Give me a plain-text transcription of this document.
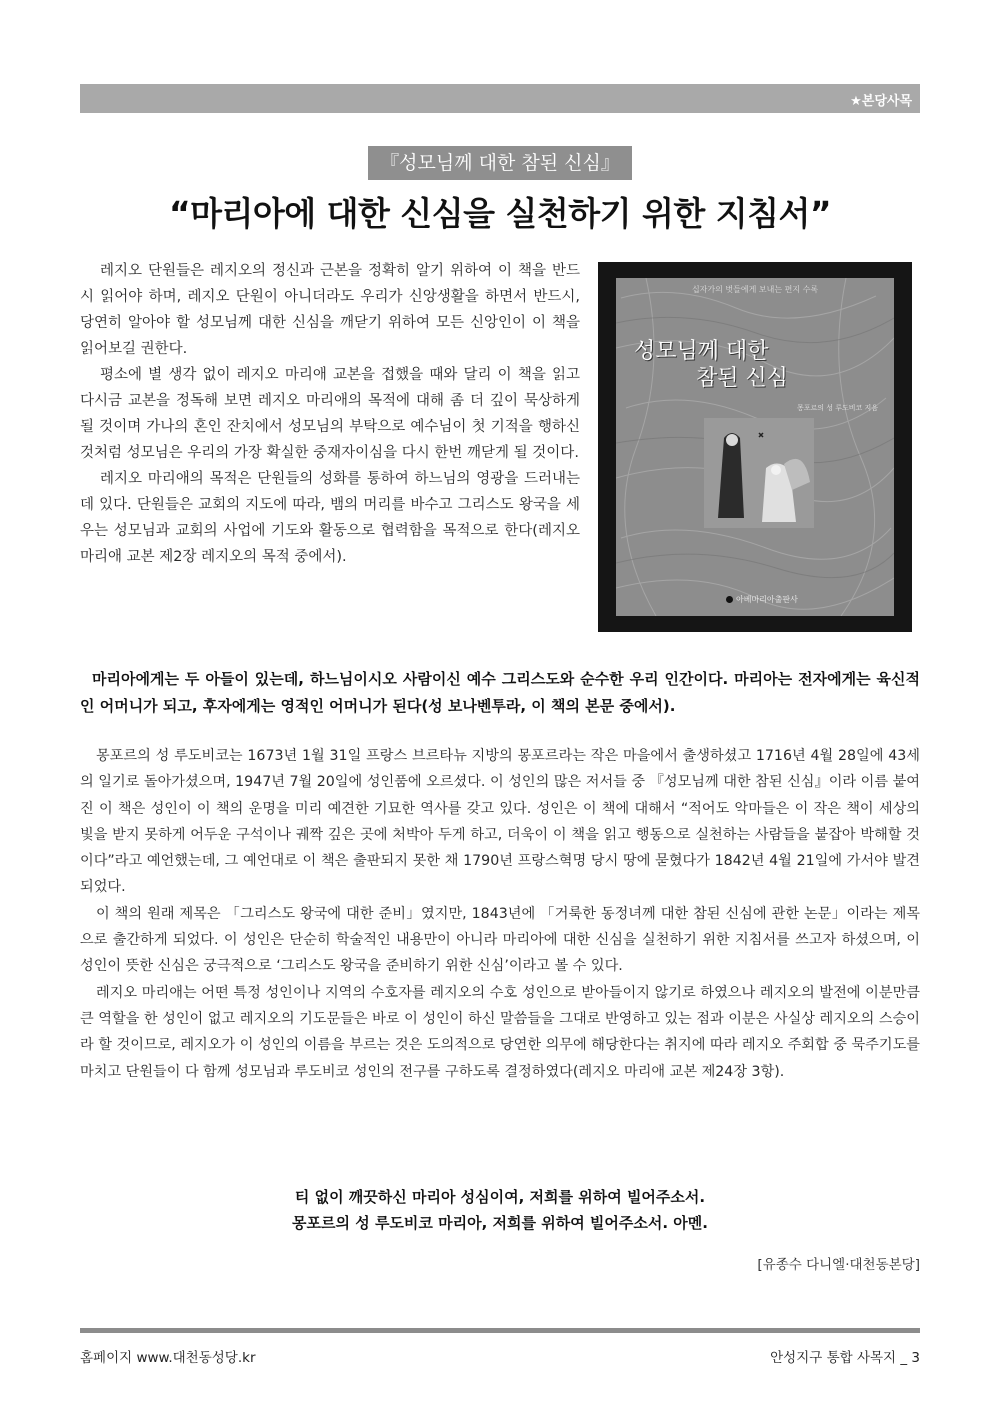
★본당사목
『성모님께 대한 참된 신심』
“마리아에 대한 신심을 실천하기 위한 지침서”

레지오 단원들은 레지오의 정신과 근본을 정확히 알기 위하여 이 책을 반드시 읽어야 하며, 레지오 단원이 아니더라도 우리가 신앙생활을 하면서 반드시, 당연히 알아야 할 성모님께 대한 신심을 깨닫기 위하여 모든 신앙인이 이 책을 읽어보길 권한다.

평소에 별 생각 없이 레지오 마리애 교본을 접했을 때와 달리 이 책을 읽고 다시금 교본을 정독해 보면 레지오 마리애의 목적에 대해 좀 더 깊이 묵상하게 될 것이며 가나의 혼인 잔치에서 성모님의 부탁으로 예수님이 첫 기적을 행하신 것처럼 성모님은 우리의 가장 확실한 중재자이심을 다시 한번 깨닫게 될 것이다.

레지오 마리애의 목적은 단원들의 성화를 통하여 하느님의 영광을 드러내는 데 있다. 단원들은 교회의 지도에 따라, 뱀의 머리를 바수고 그리스도 왕국을 세우는 성모님과 교회의 사업에 기도와 활동으로 협력함을 목적으로 한다(레지오 마리애 교본 제2장 레지오의 목적 중에서).

십자가의 벗들에게 보내는 편지 수록
성모님께 대한
참된 신심
몽포르의 성 루도비코 지음
아베마리아출판사

마리아에게는 두 아들이 있는데, 하느님이시오 사람이신 예수 그리스도와 순수한 우리 인간이다. 마리아는 전자에게는 육신적인 어머니가 되고, 후자에게는 영적인 어머니가 된다(성 보나벤투라, 이 책의 본문 중에서).

몽포르의 성 루도비코는 1673년 1월 31일 프랑스 브르타뉴 지방의 몽포르라는 작은 마을에서 출생하셨고 1716년 4월 28일에 43세의 일기로 돌아가셨으며, 1947년 7월 20일에 성인품에 오르셨다. 이 성인의 많은 저서들 중 『성모님께 대한 참된 신심』이라 이름 붙여진 이 책은 성인이 이 책의 운명을 미리 예견한 기묘한 역사를 갖고 있다. 성인은 이 책에 대해서 “적어도 악마들은 이 작은 책이 세상의 빛을 받지 못하게 어두운 구석이나 궤짝 깊은 곳에 처박아 두게 하고, 더욱이 이 책을 읽고 행동으로 실천하는 사람들을 붙잡아 박해할 것이다”라고 예언했는데, 그 예언대로 이 책은 출판되지 못한 채 1790년 프랑스혁명 당시 땅에 묻혔다가 1842년 4월 21일에 가서야 발견되었다.

이 책의 원래 제목은 「그리스도 왕국에 대한 준비」였지만, 1843년에 「거룩한 동정녀께 대한 참된 신심에 관한 논문」이라는 제목으로 출간하게 되었다. 이 성인은 단순히 학술적인 내용만이 아니라 마리아에 대한 신심을 실천하기 위한 지침서를 쓰고자 하셨으며, 이 성인이 뜻한 신심은 궁극적으로 ‘그리스도 왕국을 준비하기 위한 신심’이라고 볼 수 있다.

레지오 마리애는 어떤 특정 성인이나 지역의 수호자를 레지오의 수호 성인으로 받아들이지 않기로 하였으나 레지오의 발전에 이분만큼 큰 역할을 한 성인이 없고 레지오의 기도문들은 바로 이 성인이 하신 말씀들을 그대로 반영하고 있는 점과 이분은 사실상 레지오의 스승이라 할 것이므로, 레지오가 이 성인의 이름을 부르는 것은 도의적으로 당연한 의무에 해당한다는 취지에 따라 레지오 주회합 중 묵주기도를 마치고 단원들이 다 함께 성모님과 루도비코 성인의 전구를 구하도록 결정하였다(레지오 마리애 교본 제24장 3항).

티 없이 깨끗하신 마리아 성심이여, 저희를 위하여 빌어주소서.
몽포르의 성 루도비코 마리아, 저희를 위하여 빌어주소서. 아멘.
[유종수 다니엘·대천동본당]
홈페이지 www.대천동성당.kr	안성지구 통합 사목지 _ 3
